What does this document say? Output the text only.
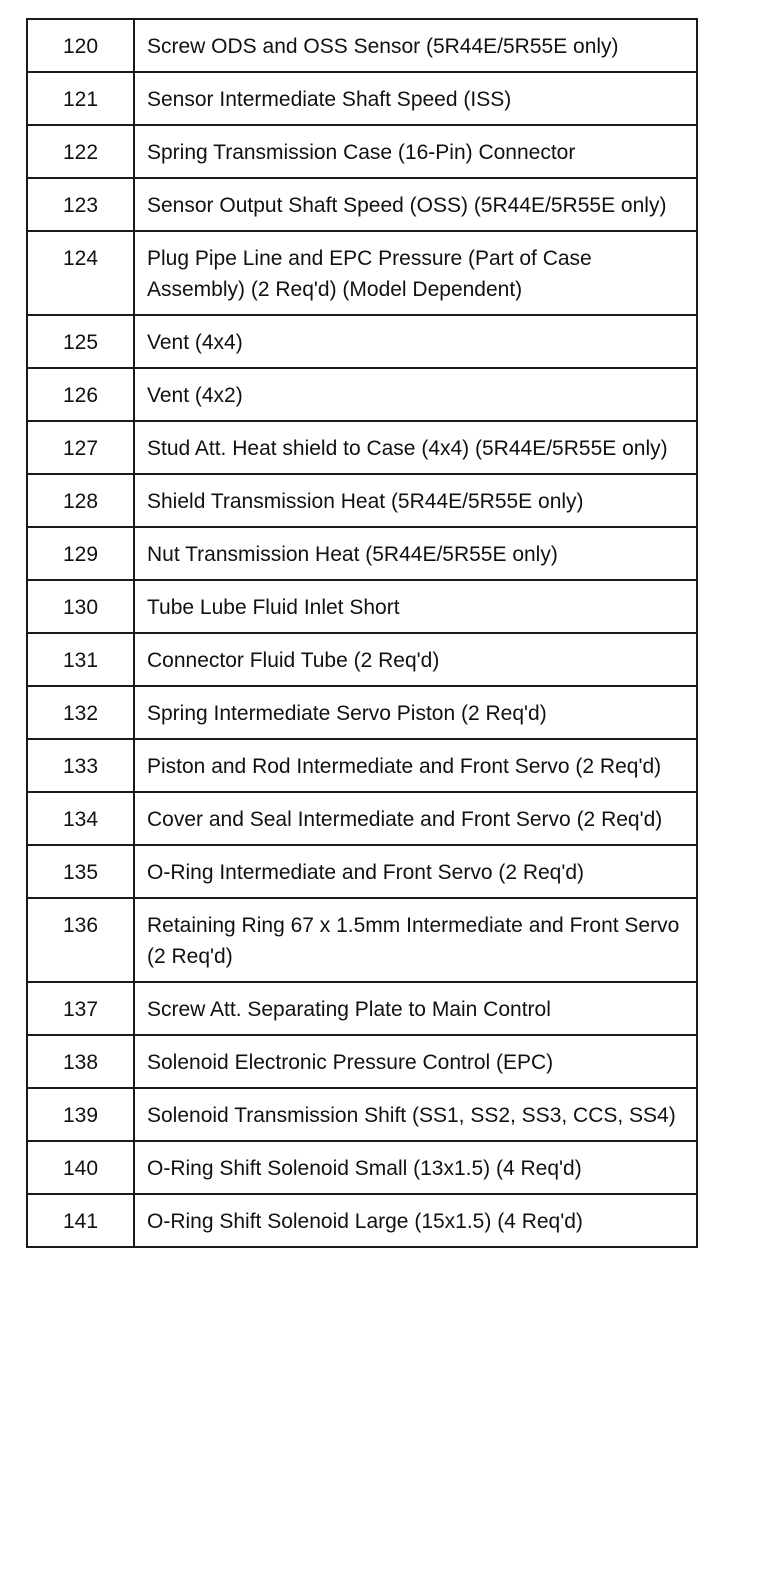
120	Screw ODS and OSS Sensor (5R44E/5R55E only)
121	Sensor Intermediate Shaft Speed (ISS)
122	Spring Transmission Case (16-Pin) Connector
123	Sensor Output Shaft Speed (OSS) (5R44E/5R55E only)
124	Plug Pipe Line and EPC Pressure (Part of Case Assembly) (2 Req'd) (Model Dependent)
125	Vent (4x4)
126	Vent (4x2)
127	Stud Att. Heat shield to Case (4x4) (5R44E/5R55E only)
128	Shield Transmission Heat (5R44E/5R55E only)
129	Nut Transmission Heat (5R44E/5R55E only)
130	Tube Lube Fluid Inlet Short
131	Connector Fluid Tube (2 Req'd)
132	Spring Intermediate Servo Piston (2 Req'd)
133	Piston and Rod Intermediate and Front Servo (2 Req'd)
134	Cover and Seal Intermediate and Front Servo (2 Req'd)
135	O-Ring Intermediate and Front Servo (2 Req'd)
136	Retaining Ring 67 x 1.5mm Intermediate and Front Servo (2 Req'd)
137	Screw Att. Separating Plate to Main Control
138	Solenoid Electronic Pressure Control (EPC)
139	Solenoid Transmission Shift (SS1, SS2, SS3, CCS, SS4)
140	O-Ring Shift Solenoid Small (13x1.5) (4 Req'd)
141	O-Ring Shift Solenoid Large (15x1.5) (4 Req'd)
